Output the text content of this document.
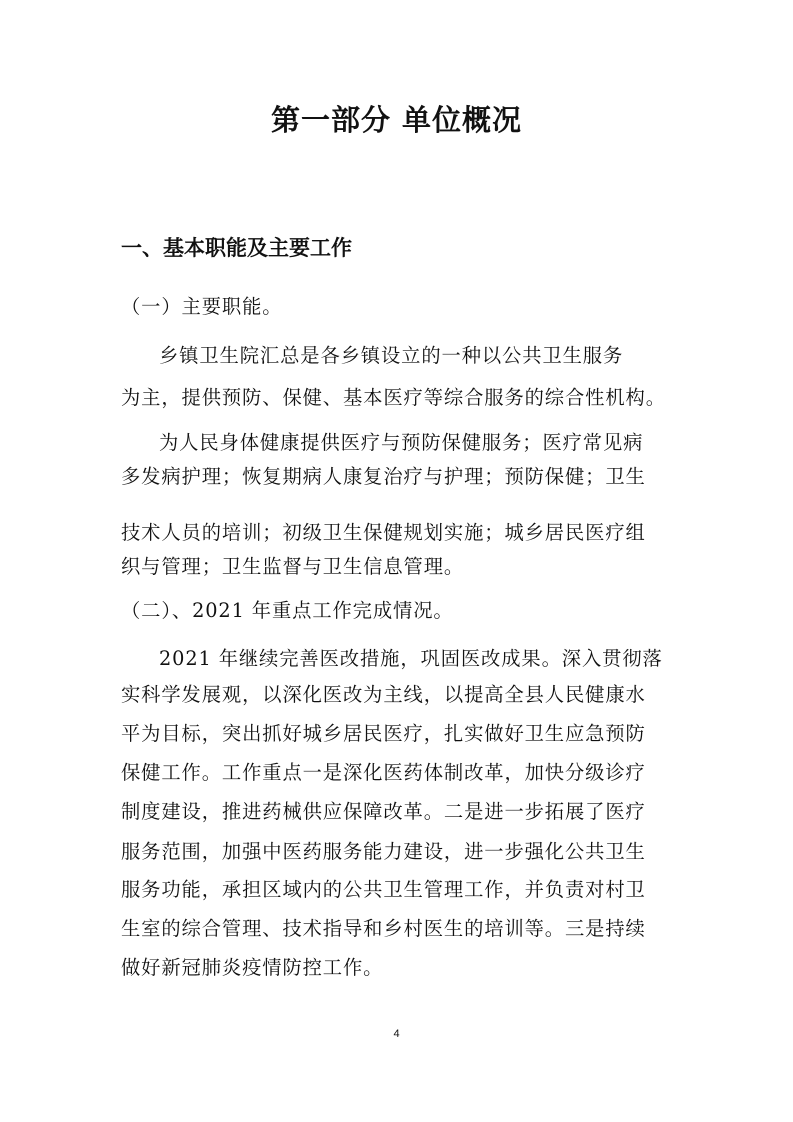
第一部分 单位概况
一、基本职能及主要工作
（一）主要职能。
乡镇卫生院汇总是各乡镇设立的一种以公共卫生服务
为主，提供预防、保健、基本医疗等综合服务的综合性机构。
为人民身体健康提供医疗与预防保健服务；医疗常见病
多发病护理；恢复期病人康复治疗与护理；预防保健；卫生
技术人员的培训；初级卫生保健规划实施；城乡居民医疗组
织与管理；卫生监督与卫生信息管理。
（二）、2021 年重点工作完成情况。
2021 年继续完善医改措施，巩固医改成果。深入贯彻落
实科学发展观，以深化医改为主线，以提高全县人民健康水
平为目标，突出抓好城乡居民医疗，扎实做好卫生应急预防
保健工作。工作重点一是深化医药体制改革，加快分级诊疗
制度建设，推进药械供应保障改革。二是进一步拓展了医疗
服务范围，加强中医药服务能力建设，进一步强化公共卫生
服务功能，承担区域内的公共卫生管理工作，并负责对村卫
生室的综合管理、技术指导和乡村医生的培训等。三是持续
做好新冠肺炎疫情防控工作。
4
